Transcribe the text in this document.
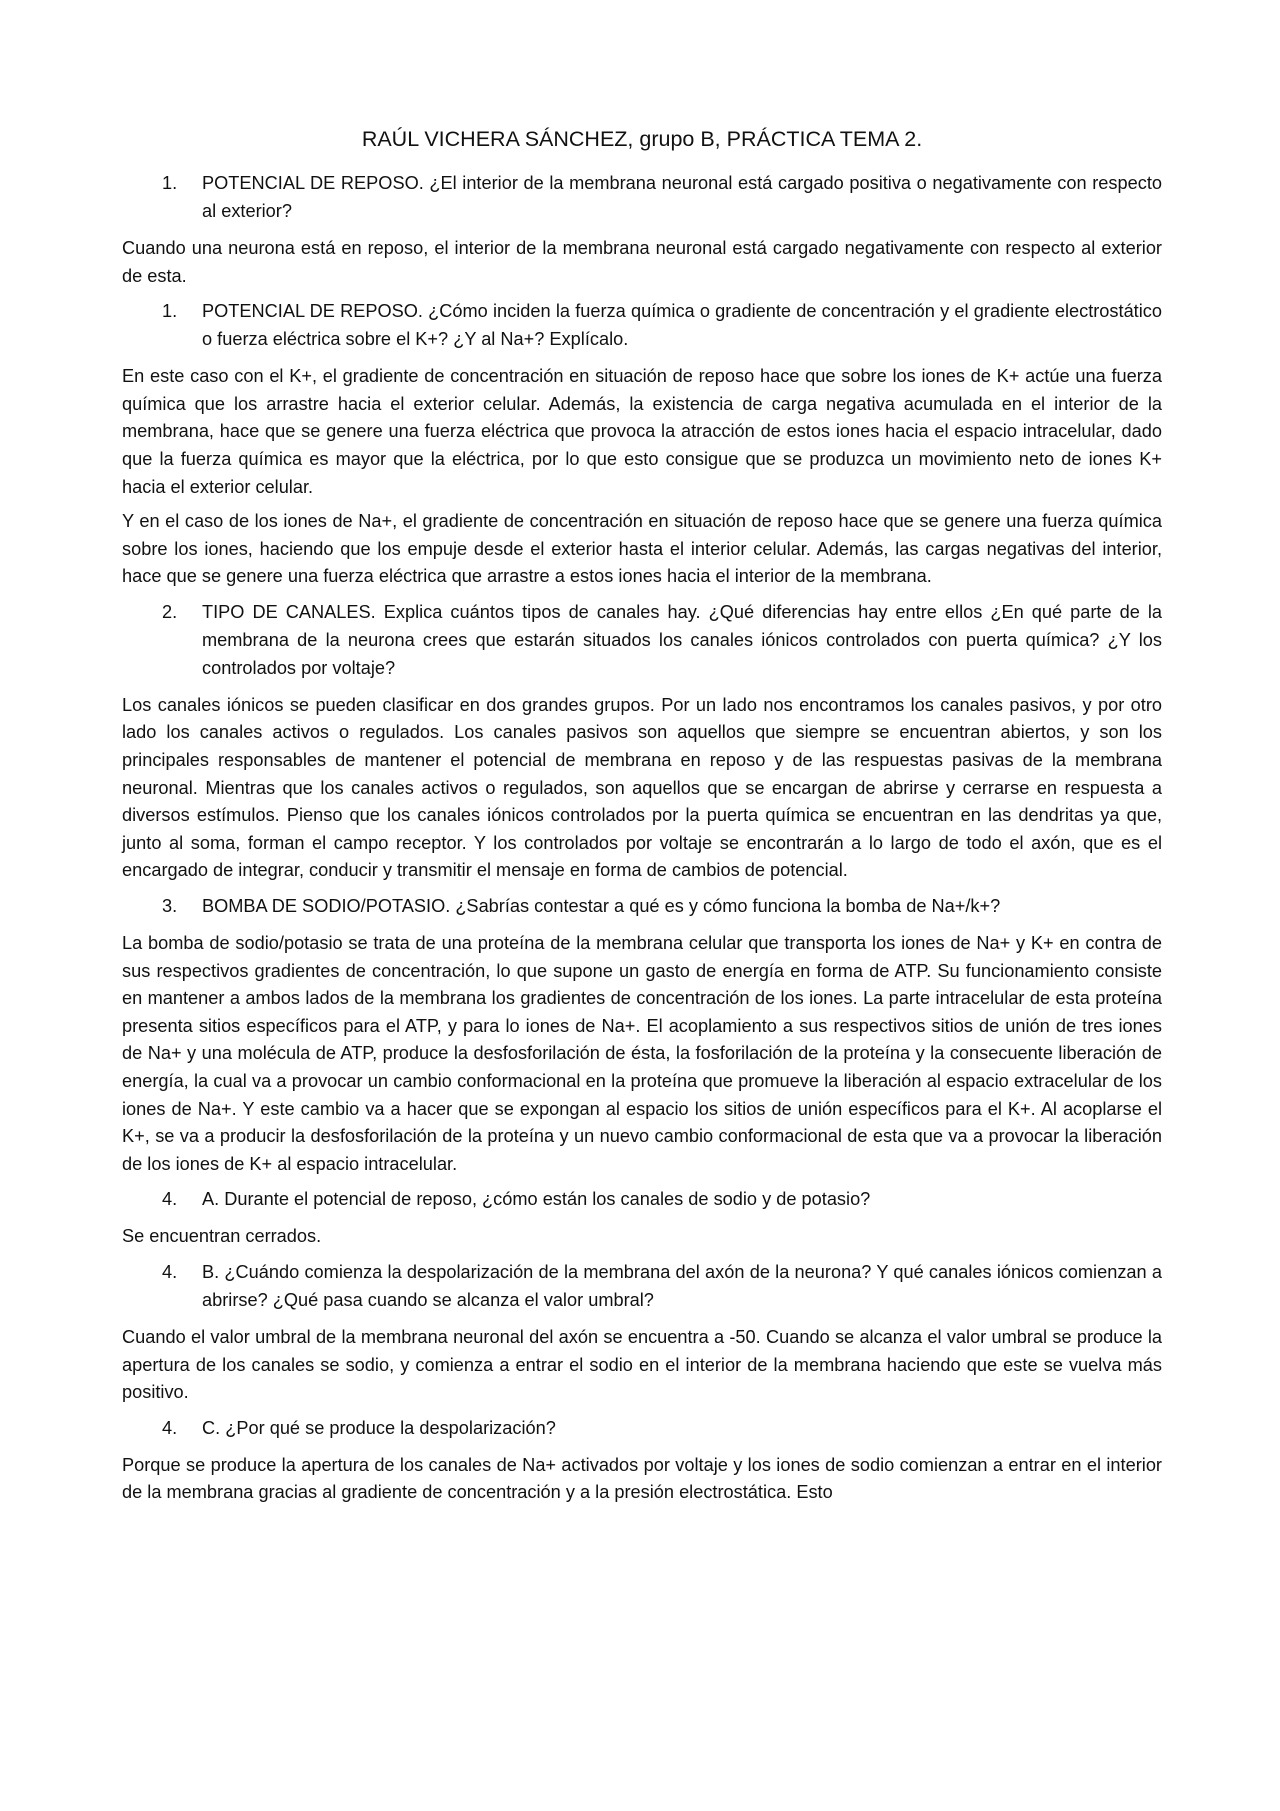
RAÚL VICHERA SÁNCHEZ, grupo B, PRÁCTICA TEMA 2.
1.	POTENCIAL DE REPOSO. ¿El interior de la membrana neuronal está cargado positiva o negativamente con respecto al exterior?

Cuando una neurona está en reposo, el interior de la membrana neuronal está cargado negativamente con respecto al exterior de esta.

1.	POTENCIAL DE REPOSO. ¿Cómo inciden la fuerza química o gradiente de concentración y el gradiente electrostático o fuerza eléctrica sobre el K+? ¿Y al Na+? Explícalo.

En este caso con el K+, el gradiente de concentración en situación de reposo hace que sobre los iones de K+ actúe una fuerza química que los arrastre hacia el exterior celular. Además, la existencia de carga negativa acumulada en el interior de la membrana, hace que se genere una fuerza eléctrica que provoca la atracción de estos iones hacia el espacio intracelular, dado que la fuerza química es mayor que la eléctrica, por lo que esto consigue que se produzca un movimiento neto de iones K+ hacia el exterior celular.

Y en el caso de los iones de Na+, el gradiente de concentración en situación de reposo hace que se genere una fuerza química sobre los iones, haciendo que los empuje desde el exterior hasta el interior celular. Además, las cargas negativas del interior, hace que se genere una fuerza eléctrica que arrastre a estos iones hacia el interior de la membrana.

2.	TIPO DE CANALES. Explica cuántos tipos de canales hay. ¿Qué diferencias hay entre ellos ¿En qué parte de la membrana de la neurona crees que estarán situados los canales iónicos controlados con puerta química? ¿Y los controlados por voltaje?

Los canales iónicos se pueden clasificar en dos grandes grupos. Por un lado nos encontramos los canales pasivos, y por otro lado los canales activos o regulados. Los canales pasivos son aquellos que siempre se encuentran abiertos, y son los principales responsables de mantener el potencial de membrana en reposo y de las respuestas pasivas de la membrana neuronal. Mientras que los canales activos o regulados, son aquellos que se encargan de abrirse y cerrarse en respuesta a diversos estímulos. Pienso que los canales iónicos controlados por la puerta química se encuentran en las dendritas ya que, junto al soma, forman el campo receptor. Y los controlados por voltaje se encontrarán a lo largo de todo el axón, que es el encargado de integrar, conducir y transmitir el mensaje en forma de cambios de potencial.

3.	BOMBA DE SODIO/POTASIO. ¿Sabrías contestar a qué es y cómo funciona la bomba de Na+/k+?

La bomba de sodio/potasio se trata de una proteína de la membrana celular que transporta los iones de Na+ y K+ en contra de sus respectivos gradientes de concentración, lo que supone un gasto de energía en forma de ATP. Su funcionamiento consiste en mantener a ambos lados de la membrana los gradientes de concentración de los iones. La parte intracelular de esta proteína presenta sitios específicos para el ATP, y para lo iones de Na+. El acoplamiento a sus respectivos sitios de unión de tres iones de Na+ y una molécula de ATP, produce la desfosforilación de ésta, la fosforilación de la proteína y la consecuente liberación de energía, la cual va a provocar un cambio conformacional en la proteína que promueve la liberación al espacio extracelular de los iones de Na+. Y este cambio va a hacer que se expongan al espacio los sitios de unión específicos para el K+. Al acoplarse el K+, se va a producir la desfosforilación de la proteína y un nuevo cambio conformacional de esta que va a provocar la liberación de los iones de K+ al espacio intracelular.

4.	A. Durante el potencial de reposo, ¿cómo están los canales de sodio y de potasio?

Se encuentran cerrados.

4.	B. ¿Cuándo comienza la despolarización de la membrana del axón de la neurona? Y qué canales iónicos comienzan a abrirse? ¿Qué pasa cuando se alcanza el valor umbral?

Cuando el valor umbral de la membrana neuronal del axón se encuentra a -50. Cuando se alcanza el valor umbral se produce la apertura de los canales se sodio, y comienza a entrar el sodio en el interior de la membrana haciendo que este se vuelva más positivo.

4.	C. ¿Por qué se produce la despolarización?

Porque se produce la apertura de los canales de Na+ activados por voltaje y los iones de sodio comienzan a entrar en el interior de la membrana gracias al gradiente de concentración y a la presión electrostática. Esto
